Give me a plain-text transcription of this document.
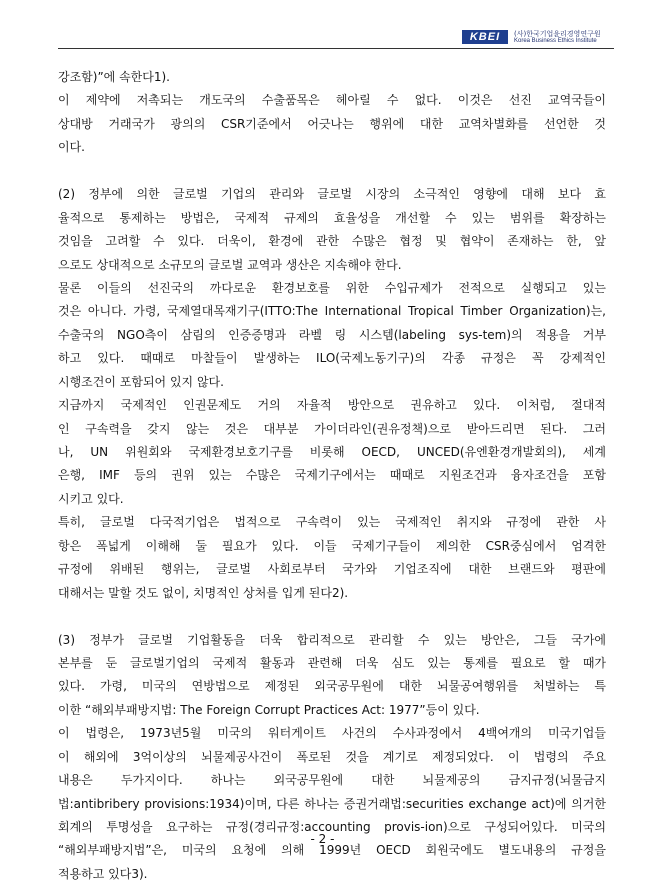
KBEI	(사)한국기업윤리경영연구원
Korea Business Ethics Institute
강조함)”에 속한다1).
이 제약에 저촉되는 개도국의 수출품목은 헤아릴 수 없다. 이것은 선진 교역국들이
상대방 거래국가 광의의 CSR기준에서 어긋나는 행위에 대한 교역차별화를 선언한 것
이다.
(2) 정부에 의한 글로벌 기업의 관리와 글로벌 시장의 소극적인 영향에 대해 보다 효
율적으로 통제하는 방법은, 국제적 규제의 효율성을 개선할 수 있는 범위를 확장하는
것임을 고려할 수 있다. 더욱이, 환경에 관한 수많은 협정 및 협약이 존재하는 한, 앞
으로도 상대적으로 소규모의 글로벌 교역과 생산은 지속해야 한다.
물론 이들의 선진국의 까다로운 환경보호를 위한 수입규제가 전적으로 실행되고 있는
것은 아니다. 가령, 국제열대목재기구(ITTO:The International Tropical Timber Organization)는,
수출국의 NGO측이 삼림의 인증증명과 라벨 링 시스템(labeling sys-tem)의 적용을 거부
하고 있다. 때때로 마찰들이 발생하는 ILO(국제노동기구)의 각종 규정은 꼭 강제적인
시행조건이 포함되어 있지 않다.
지금까지 국제적인 인권문제도 거의 자율적 방안으로 권유하고 있다. 이처럼, 절대적
인 구속력을 갖지 않는 것은 대부분 가이더라인(권유정책)으로 받아드리면 된다. 그러
나, UN 위원회와 국제환경보호기구를 비롯해 OECD, UNCED(유엔환경개발회의), 세계
은행, IMF 등의 권위 있는 수많은 국제기구에서는 때때로 지원조건과 융자조건을 포함
시키고 있다.
특히, 글로벌 다국적기업은 법적으로 구속력이 있는 국제적인 취지와 규정에 관한 사
항은 폭넓게 이해해 둘 필요가 있다. 이들 국제기구들이 제의한 CSR중심에서 엄격한
규정에 위배된 행위는, 글로벌 사회로부터 국가와 기업조직에 대한 브랜드와 평판에
대해서는 말할 것도 없이, 치명적인 상처를 입게 된다2).
(3) 정부가 글로벌 기업활동을 더욱 합리적으로 관리할 수 있는 방안은, 그들 국가에
본부를 둔 글로벌기업의 국제적 활동과 관련해 더욱 심도 있는 통제를 필요로 할 때가
있다. 가령, 미국의 연방법으로 제정된 외국공무원에 대한 뇌물공여행위를 처벌하는 특
이한 “해외부패방지법: The Foreign Corrupt Practices Act: 1977”등이 있다.
이 법령은, 1973년5월 미국의 워터게이트 사건의 수사과정에서 4백여개의 미국기업들
이 해외에 3억이상의 뇌물제공사건이 폭로된 것을 계기로 제정되었다. 이 법령의 주요
내용은 두가지이다. 하나는 외국공무원에 대한 뇌물제공의 금지규정(뇌물금지
법:antibribery provisions:1934)이며, 다른 하나는 증권거래법:securities exchange act)에 의거한
회계의 투명성을 요구하는 규정(경리규정:accounting provis-ion)으로 구성되어있다. 미국의
“해외부패방지법”은, 미국의 요청에 의해 1999년 OECD 회원국에도 별도내용의 규정을
적용하고 있다3).
- 2 -
